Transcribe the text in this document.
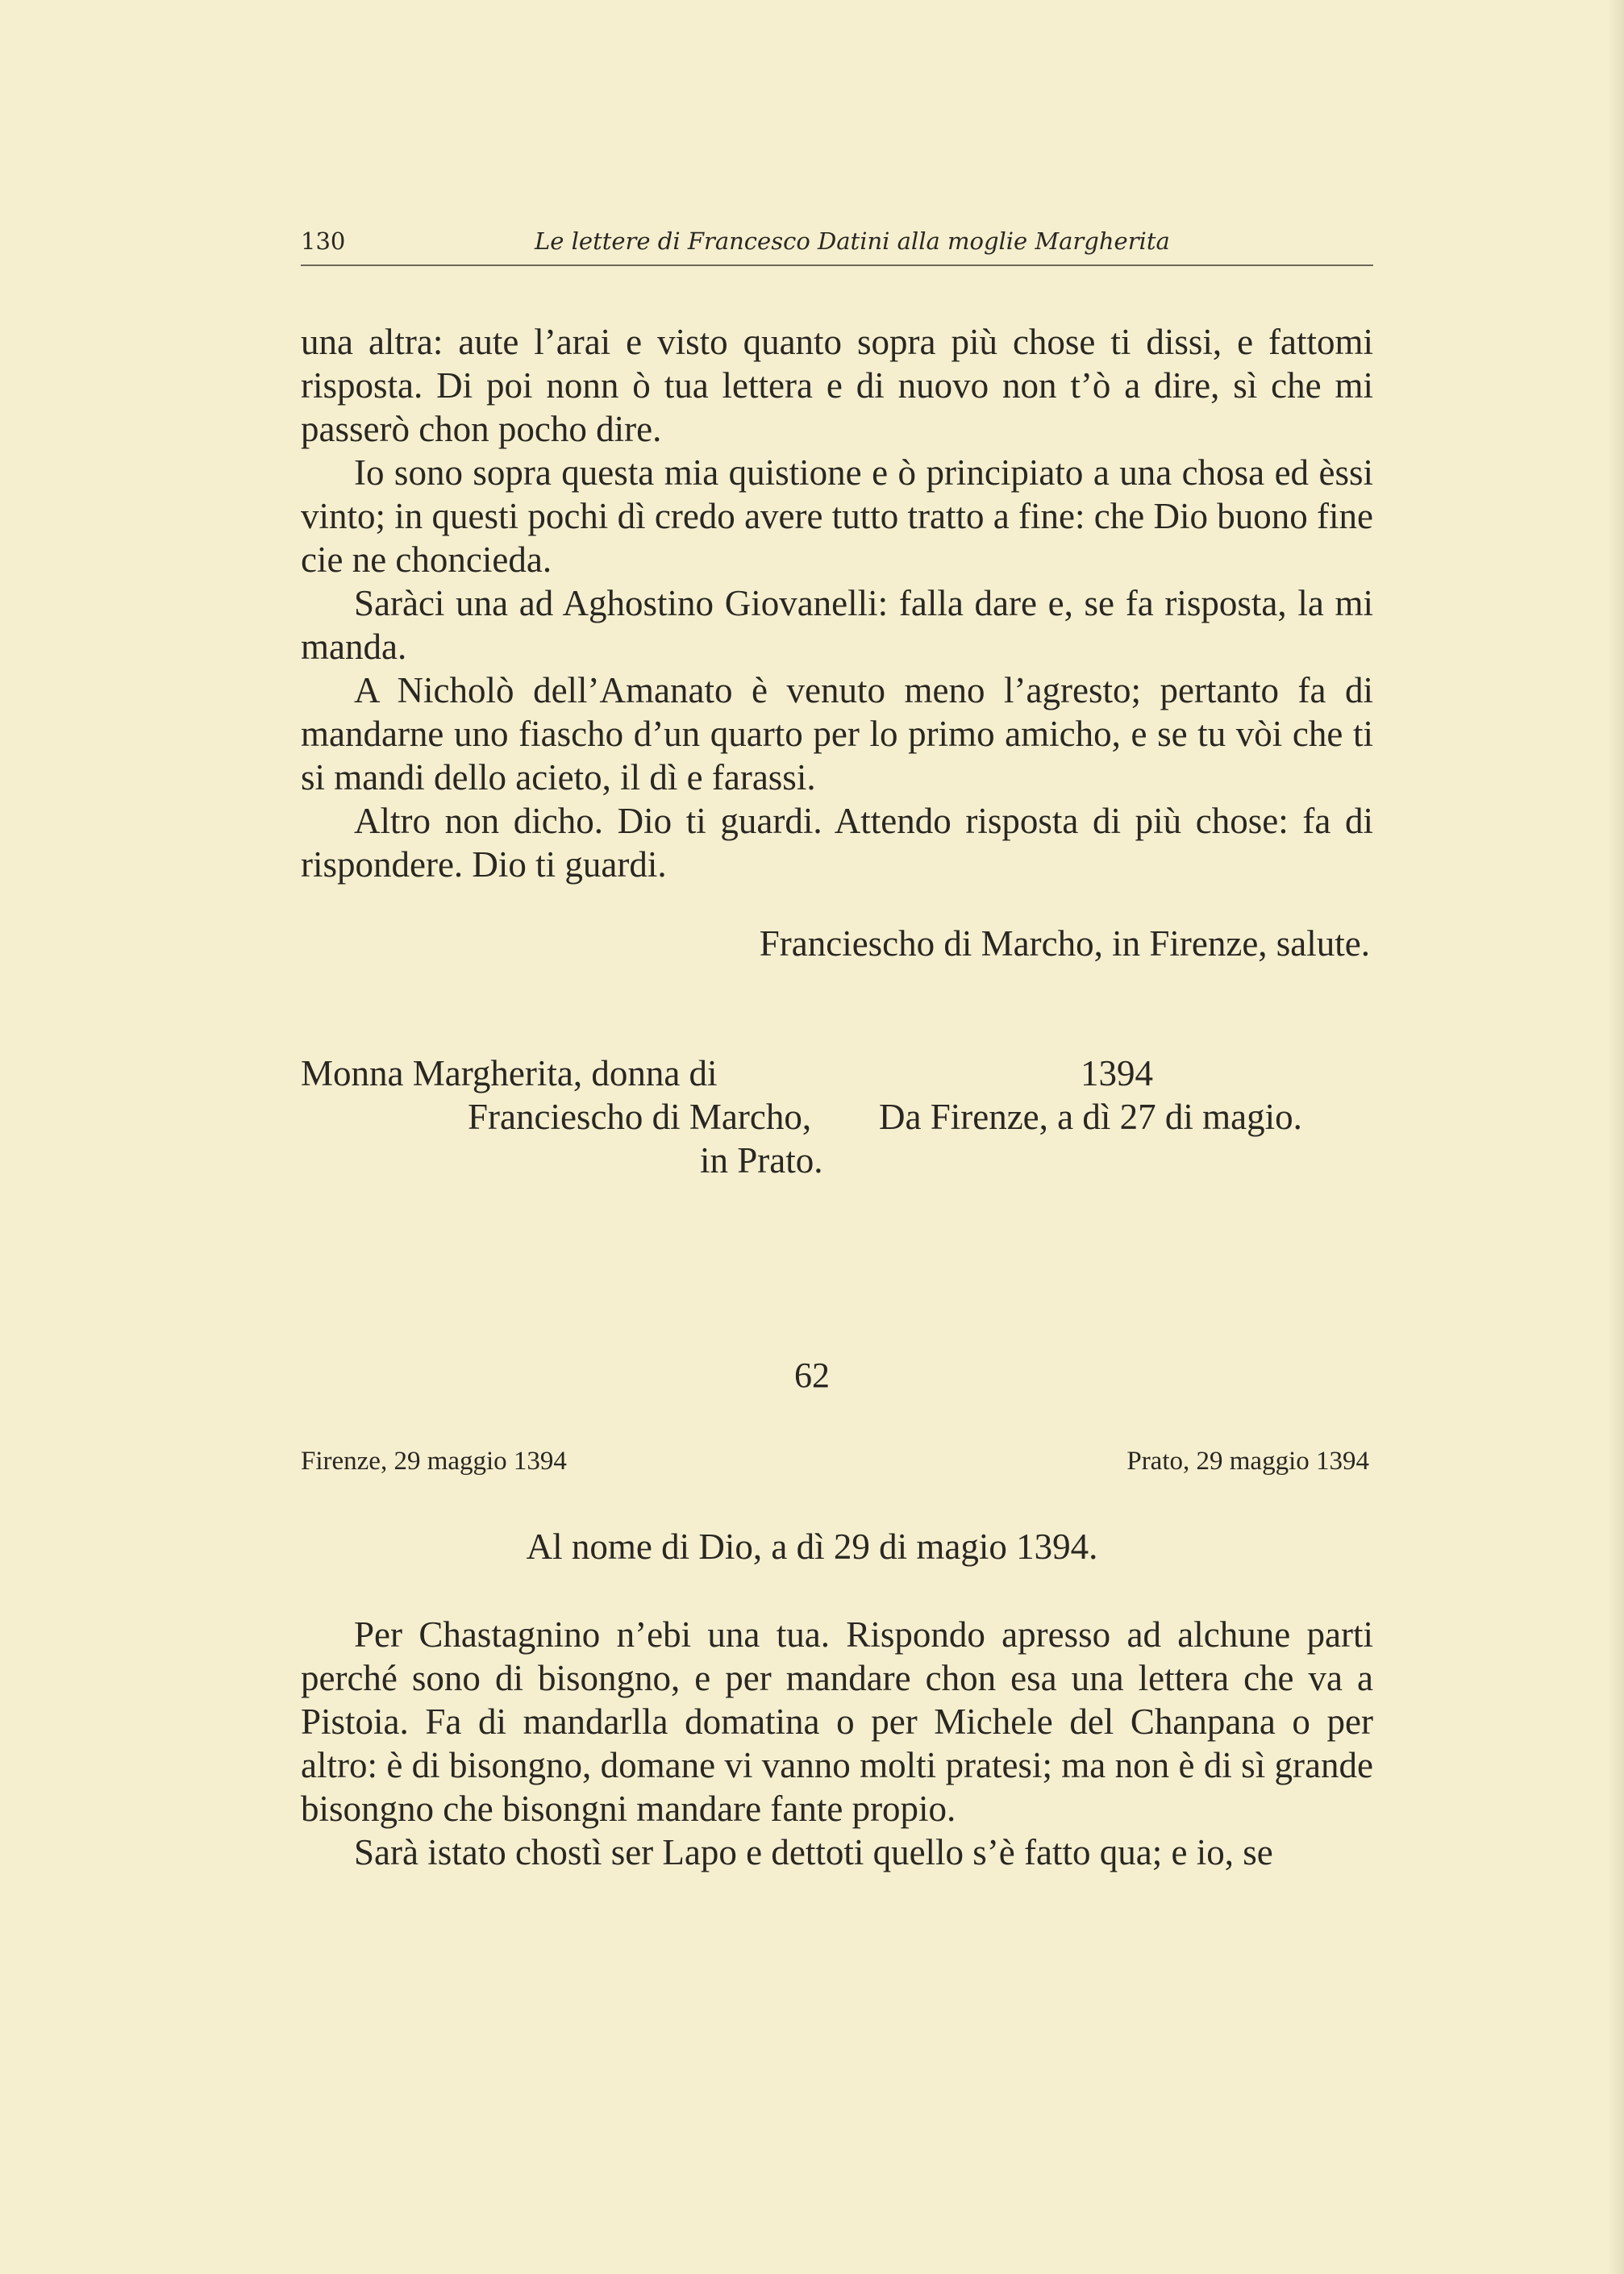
130	Le lettere di Francesco Datini alla moglie Margherita

una altra: aute l’arai e visto quanto sopra più chose ti dissi, e fattomi risposta. Di poi nonn ò tua lettera e di nuovo non t’ò a dire, sì che mi passerò chon pocho dire.

Io sono sopra questa mia quistione e ò principiato a una chosa ed èssi vinto; in questi pochi dì credo avere tutto tratto a fine: che Dio buono fine cie ne choncieda.

Saràci una ad Aghostino Giovanelli: falla dare e, se fa risposta, la mi manda.

A Nicholò dell’Amanato è venuto meno l’agresto; pertanto fa di mandarne uno fiascho d’un quarto per lo primo amicho, e se tu vòi che ti si mandi dello acieto, il dì e farassi.

Altro non dicho. Dio ti guardi. Attendo risposta di più chose: fa di rispondere. Dio ti guardi.

Franciescho di Marcho, in Firenze, salute.
Monna Margherita, donna di
Franciescho di Marcho,
in Prato.
1394
Da Firenze, a dì 27 di magio.
62
Firenze, 29 maggio 1394	Prato, 29 maggio 1394
Al nome di Dio, a dì 29 di magio 1394.

Per Chastagnino n’ebi una tua. Rispondo apresso ad alchune parti perché sono di bisongno, e per mandare chon esa una lettera che va a Pistoia. Fa di mandarlla domatina o per Michele del Chanpana o per altro: è di bisongno, domane vi vanno molti pratesi; ma non è di sì grande bisongno che bisongni mandare fante propio.

Sarà istato chostì ser Lapo e dettoti quello s’è fatto qua; e io, se
